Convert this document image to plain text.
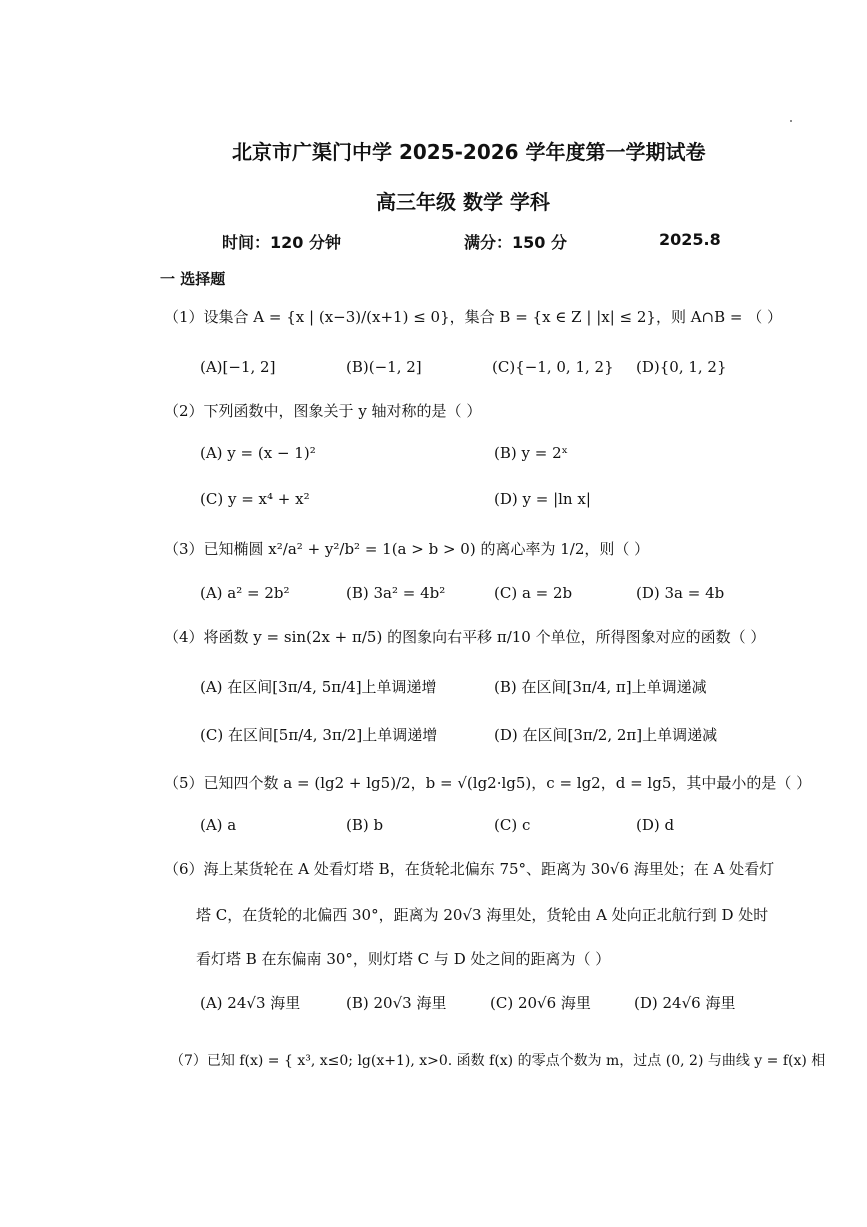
北京市广渠门中学 2025-2026 学年度第一学期试卷
高三年级 数学 学科
时间：120 分钟	满分：150 分	2025.8
一 选择题
（1）设集合 A = {x | (x−3)/(x+1) ≤ 0}，集合 B = {x ∈ Z | |x| ≤ 2}，则 A∩B = （ ）
(A)[−1, 2]	(B)(−1, 2]	(C){−1, 0, 1, 2} (D){0, 1, 2}
（2）下列函数中，图象关于 y 轴对称的是（ ）
(A) y = (x − 1)²	(B) y = 2ˣ
(C) y = x⁴ + x²	(D) y = |ln x|
（3）已知椭圆 x²/a² + y²/b² = 1(a > b > 0) 的离心率为 1/2，则（ ）
(A) a² = 2b²	(B) 3a² = 4b²	(C) a = 2b	(D) 3a = 4b
（4）将函数 y = sin(2x + π/5) 的图象向右平移 π/10 个单位，所得图象对应的函数（ ）
(A) 在区间[3π/4, 5π/4]上单调递增	(B) 在区间[3π/4, π]上单调递减
(C) 在区间[5π/4, 3π/2]上单调递增	(D) 在区间[3π/2, 2π]上单调递减
（5）已知四个数 a = (lg2 + lg5)/2，b = √(lg2·lg5)，c = lg2，d = lg5，其中最小的是（ ）
(A) a	(B) b	(C) c	(D) d
（6）海上某货轮在 A 处看灯塔 B，在货轮北偏东 75°、距离为 30√6 海里处；在 A 处看灯
塔 C，在货轮的北偏西 30°，距离为 20√3 海里处，货轮由 A 处向正北航行到 D 处时
看灯塔 B 在东偏南 30°，则灯塔 C 与 D 处之间的距离为（ ）
(A) 24√3 海里	(B) 20√3 海里	(C) 20√6 海里	(D) 24√6 海里
（7）已知 f(x) = { x³, x≤0; lg(x+1), x>0. 函数 f(x) 的零点个数为 m，过点 (0, 2) 与曲线 y = f(x) 相
